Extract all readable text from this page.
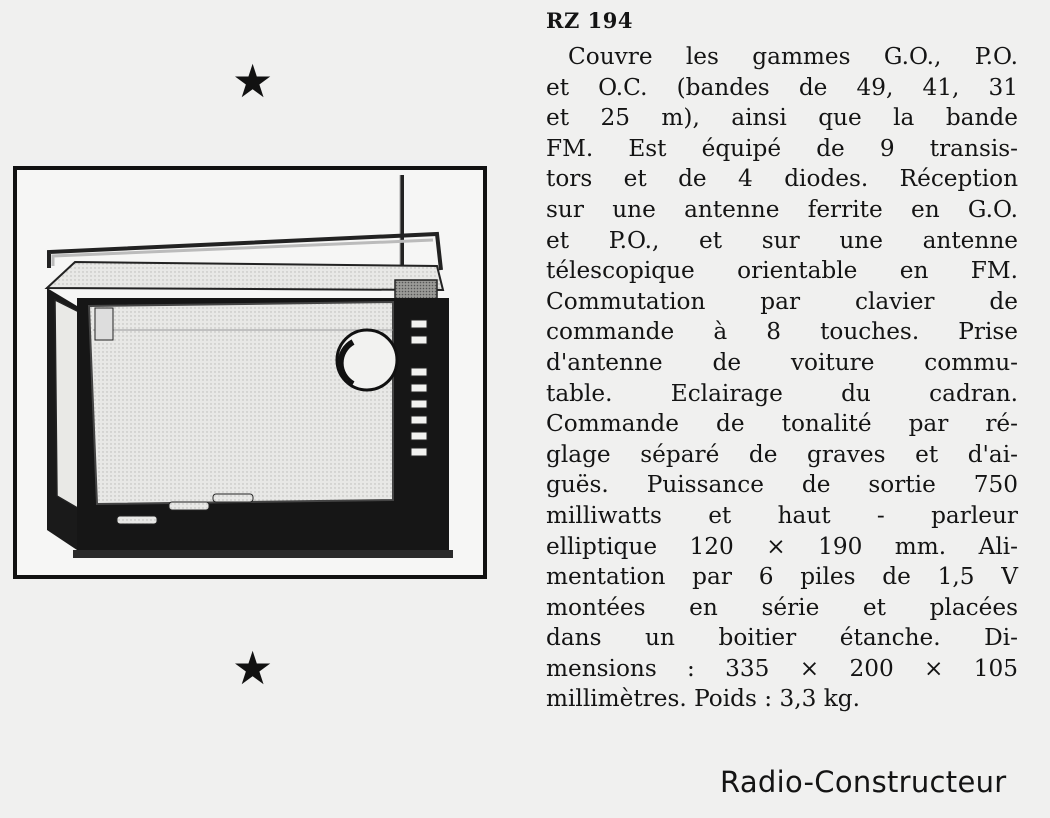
★
★
RZ 194
Couvre les gammes G.O., P.O.
et O.C. (bandes de 49, 41, 31
et 25 m), ainsi que la bande
FM. Est équipé de 9 transis-
tors et de 4 diodes. Réception
sur une antenne ferrite en G.O.
et P.O., et sur une antenne
télescopique orientable en FM.
Commutation par clavier de
commande à 8 touches. Prise
d'antenne de voiture commu-
table. Eclairage du cadran.
Commande de tonalité par ré-
glage séparé de graves et d'ai-
guës. Puissance de sortie 750
milliwatts et haut - parleur
elliptique 120 × 190 mm. Ali-
mentation par 6 piles de 1,5 V
montées en série et placées
dans un boitier étanche. Di-
mensions : 335 × 200 × 105
millimètres. Poids : 3,3 kg.
Radio-Constructeur
